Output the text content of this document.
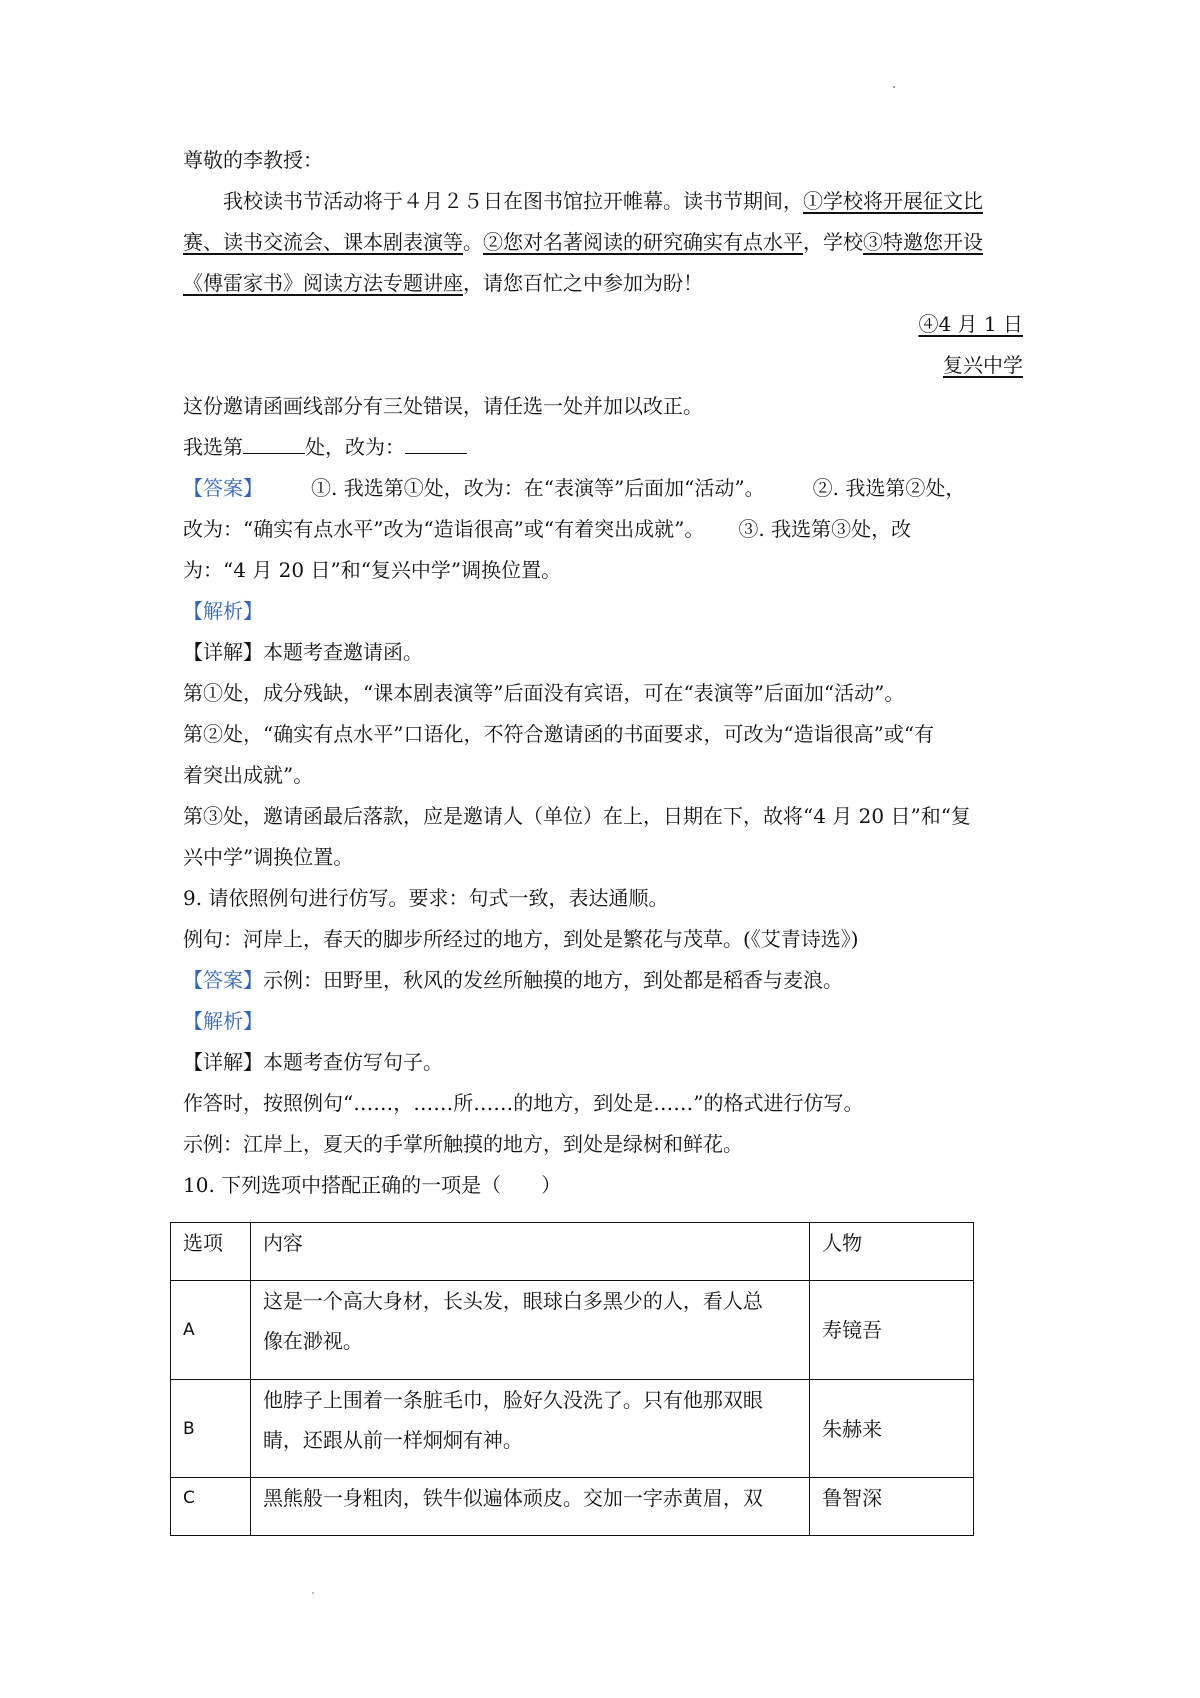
尊敬的李教授：
我校读书节活动将于４月２５日在图书馆拉开帷幕。读书节期间，①学校将开展征文比
赛、读书交流会、课本剧表演等。②您对名著阅读的研究确实有点水平，学校③特邀您开设
《傅雷家书》阅读方法专题讲座，请您百忙之中参加为盼！
④4 月 1 日
复兴中学
这份邀请函画线部分有三处错误，请任选一处并加以改正。
我选第	处，改为：
【答案】 ①. 我选第①处，改为：在“表演等”后面加“活动”。 ②. 我选第②处，
改为：“确实有点水平”改为“造诣很高”或“有着突出成就”。 ③. 我选第③处，改
为：“4 月 20 日”和“复兴中学”调换位置。
【解析】
【详解】本题考查邀请函。
第①处，成分残缺，“课本剧表演等”后面没有宾语，可在“表演等”后面加“活动”。
第②处，“确实有点水平”口语化，不符合邀请函的书面要求，可改为“造诣很高”或“有
着突出成就”。
第③处，邀请函最后落款，应是邀请人（单位）在上，日期在下，故将“4 月 20 日”和“复
兴中学”调换位置。
9. 请依照例句进行仿写。要求：句式一致，表达通顺。
例句：河岸上，春天的脚步所经过的地方，到处是繁花与茂草。(《艾青诗选》)
【答案】示例：田野里，秋风的发丝所触摸的地方，到处都是稻香与麦浪。
【解析】
【详解】本题考查仿写句子。
作答时，按照例句“……，……所……的地方，到处是……”的格式进行仿写。
示例：江岸上，夏天的手掌所触摸的地方，到处是绿树和鲜花。
10. 下列选项中搭配正确的一项是（　　）
选项	内容	人物
A	这是一个高大身材，长头发，眼球白多黑少的人，看人总
像在渺视。	寿镜吾
B	他脖子上围着一条脏毛巾，脸好久没洗了。只有他那双眼
睛，还跟从前一样炯炯有神。	朱赫来
C	黑熊般一身粗肉，铁牛似遍体顽皮。交加一字赤黄眉，双	鲁智深
